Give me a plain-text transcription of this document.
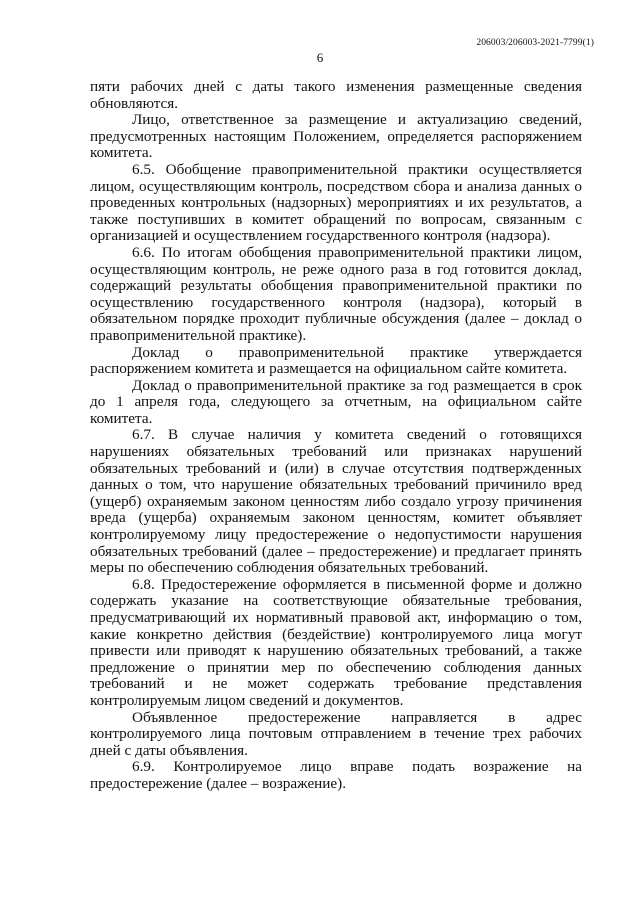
206003/206003-2021-7799(1)
6

пяти рабочих дней с даты такого изменения размещенные сведения обновляются.

Лицо, ответственное за размещение и актуализацию сведений, предусмотренных настоящим Положением, определяется распоряжением комитета.

6.5. Обобщение правоприменительной практики осуществляется лицом, осуществляющим контроль, посредством сбора и анализа данных о проведенных контрольных (надзорных) мероприятиях и их результатов, а также поступивших в комитет обращений по вопросам, связанным с организацией и осуществлением государственного контроля (надзора).

6.6. По итогам обобщения правоприменительной практики лицом, осуществляющим контроль, не реже одного раза в год готовится доклад, содержащий результаты обобщения правоприменительной практики по осуществлению государственного контроля (надзора), который в обязательном порядке проходит публичные обсуждения (далее – доклад о правоприменительной практике).

Доклад о правоприменительной практике утверждается распоряжением комитета и размещается на официальном сайте комитета.

Доклад о правоприменительной практике за год размещается в срок до 1 апреля года, следующего за отчетным, на официальном сайте комитета.

6.7. В случае наличия у комитета сведений о готовящихся нарушениях обязательных требований или признаках нарушений обязательных требований и (или) в случае отсутствия подтвержденных данных о том, что нарушение обязательных требований причинило вред (ущерб) охраняемым законом ценностям либо создало угрозу причинения вреда (ущерба) охраняемым законом ценностям, комитет объявляет контролируемому лицу предостережение о недопустимости нарушения обязательных требований (далее – предостережение) и предлагает принять меры по обеспечению соблюдения обязательных требований.

6.8. Предостережение оформляется в письменной форме и должно содержать указание на соответствующие обязательные требования, предусматривающий их нормативный правовой акт, информацию о том, какие конкретно действия (бездействие) контролируемого лица могут привести или приводят к нарушению обязательных требований, а также предложение о принятии мер по обеспечению соблюдения данных требований и не может содержать требование представления контролируемым лицом сведений и документов.

Объявленное предостережение направляется в адрес контролируемого лица почтовым отправлением в течение трех рабочих дней с даты объявления.

6.9. Контролируемое лицо вправе подать возражение на предостережение (далее – возражение).
